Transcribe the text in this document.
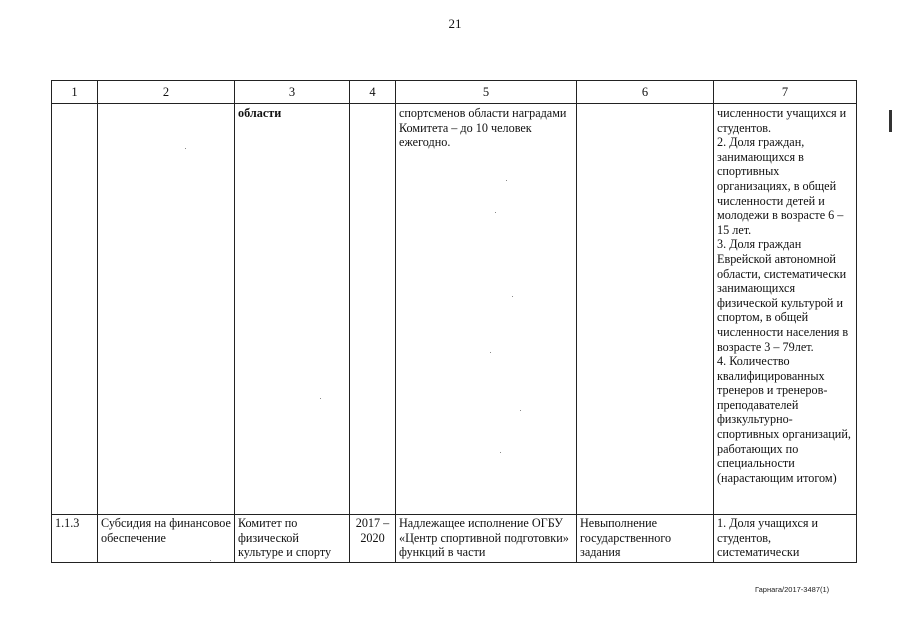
21
1	2	3	4	5	6	7
		области		спортсменов области наградами Комитета – до 10 человек ежегодно.		численности учащихся и студентов.
2. Доля граждан, занимающихся в спортивных организациях, в общей численности детей и молодежи в возрасте 6 – 15 лет.
3. Доля граждан Еврейской автономной области, систематически занимающихся физической культурой и спортом, в общей численности населения в возрасте 3 – 79лет.
4. Количество квалифицированных тренеров и тренеров-преподавателей физкультурно-спортивных организаций, работающих по специальности (нарастающим итогом)
1.1.3	Субсидия на финансовое обеспечение	Комитет по физической культуре и спорту	2017 – 2020	Надлежащее исполнение ОГБУ «Центр спортивной подготовки» функций в части	Невыполнение государственного задания	1. Доля учащихся и студентов, систематически
Гарнага/2017-3487(1)
